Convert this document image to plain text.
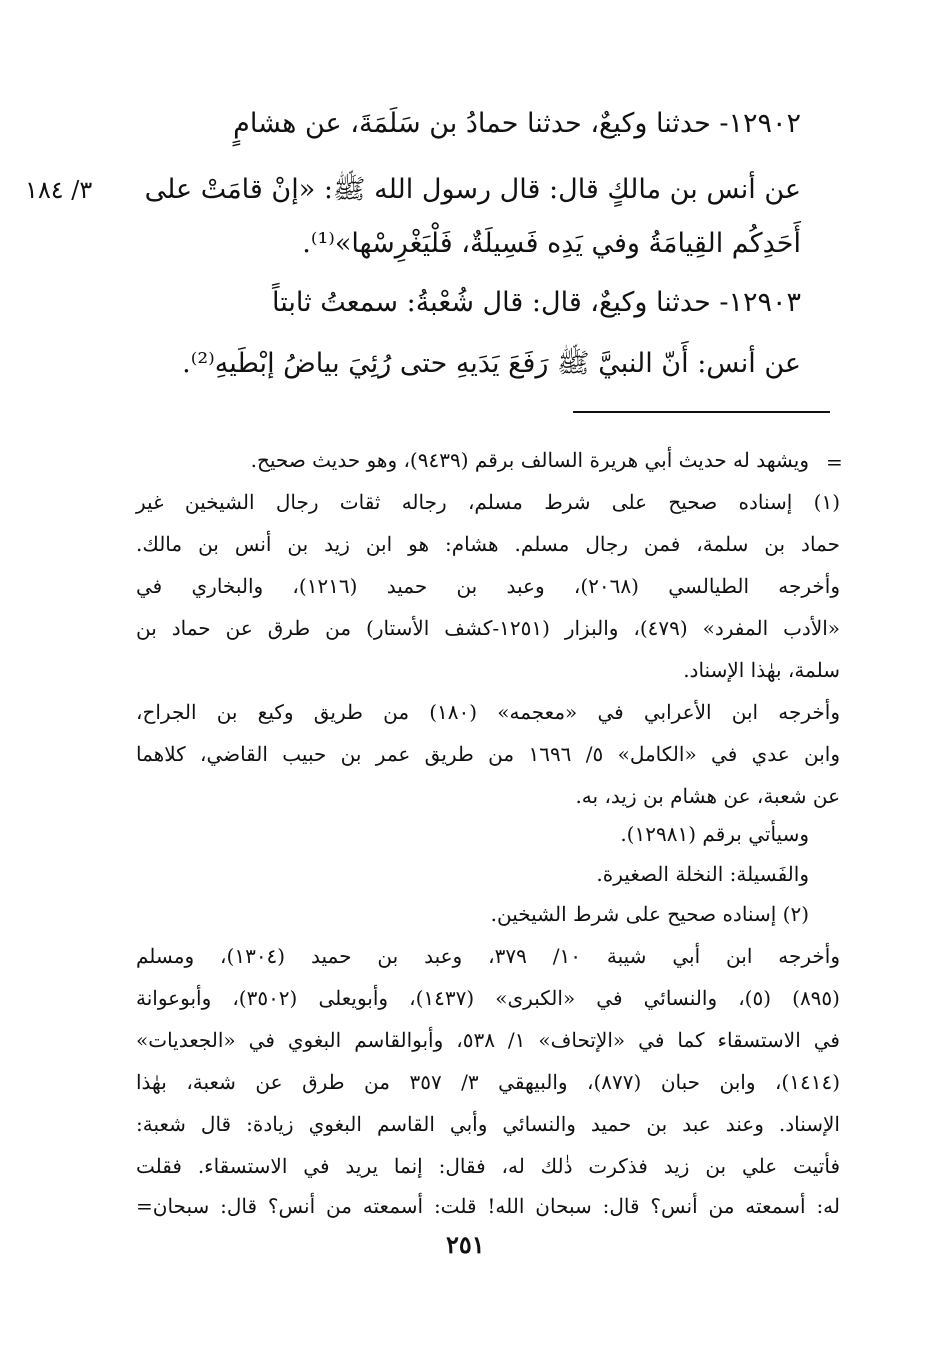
١٢٩٠٢- حدثنا وكيعٌ، حدثنا حمادُ بن سَلَمَةَ، عن هشامٍ
عن أنس بن مالكٍ قال: قال رسول الله ﷺ: «إنْ قامَتْ على
٣/ ١٨٤
أَحَدِكُم القِيامَةُ وفي يَدِه فَسِيلَةٌ، فَلْيَغْرِسْها»⁽¹⁾.
١٢٩٠٣- حدثنا وكيعٌ، قال: قال شُعْبةُ: سمعتُ ثابتاً
عن أنس: أَنّ النبيَّ ﷺ رَفَعَ يَدَيهِ حتى رُئِيَ بياضُ إبْطَيهِ⁽²⁾.
=
ويشهد له حديث أبي هريرة السالف برقم (٩٤٣٩)، وهو حديث صحيح.
(١) إسناده صحيح على شرط مسلم، رجاله ثقات رجال الشيخين غير
حماد بن سلمة، فمن رجال مسلم. هشام: هو ابن زيد بن أنس بن مالك.
وأخرجه الطيالسي (٢٠٦٨)، وعبد بن حميد (١٢١٦)، والبخاري في
«الأدب المفرد» (٤٧٩)، والبزار (١٢٥١-كشف الأستار) من طرق عن حماد بن
سلمة، بهٰذا الإسناد.
وأخرجه ابن الأعرابي في «معجمه» (١٨٠) من طريق وكيع بن الجراح،
وابن عدي في «الكامل» ٥/ ١٦٩٦ من طريق عمر بن حبيب القاضي، كلاهما
عن شعبة، عن هشام بن زيد، به.
وسيأتي برقم (١٢٩٨١).
والفَسيلة: النخلة الصغيرة.
(٢) إسناده صحيح على شرط الشيخين.
وأخرجه ابن أبي شيبة ١٠/ ٣٧٩، وعبد بن حميد (١٣٠٤)، ومسلم
(٨٩٥) (٥)، والنسائي في «الكبرى» (١٤٣٧)، وأبويعلى (٣٥٠٢)، وأبوعوانة
في الاستسقاء كما في «الإتحاف» ١/ ٥٣٨، وأبوالقاسم البغوي في «الجعديات»
(١٤١٤)، وابن حبان (٨٧٧)، والبيهقي ٣/ ٣٥٧ من طرق عن شعبة، بهٰذا
الإسناد. وعند عبد بن حميد والنسائي وأبي القاسم البغوي زيادة: قال شعبة:
فأتيت علي بن زيد فذكرت ذٰلك له، فقال: إنما يريد في الاستسقاء. فقلت
له: أسمعته من أنس؟ قال: سبحان الله! قلت: أسمعته من أنس؟ قال: سبحان=
٢٥١
